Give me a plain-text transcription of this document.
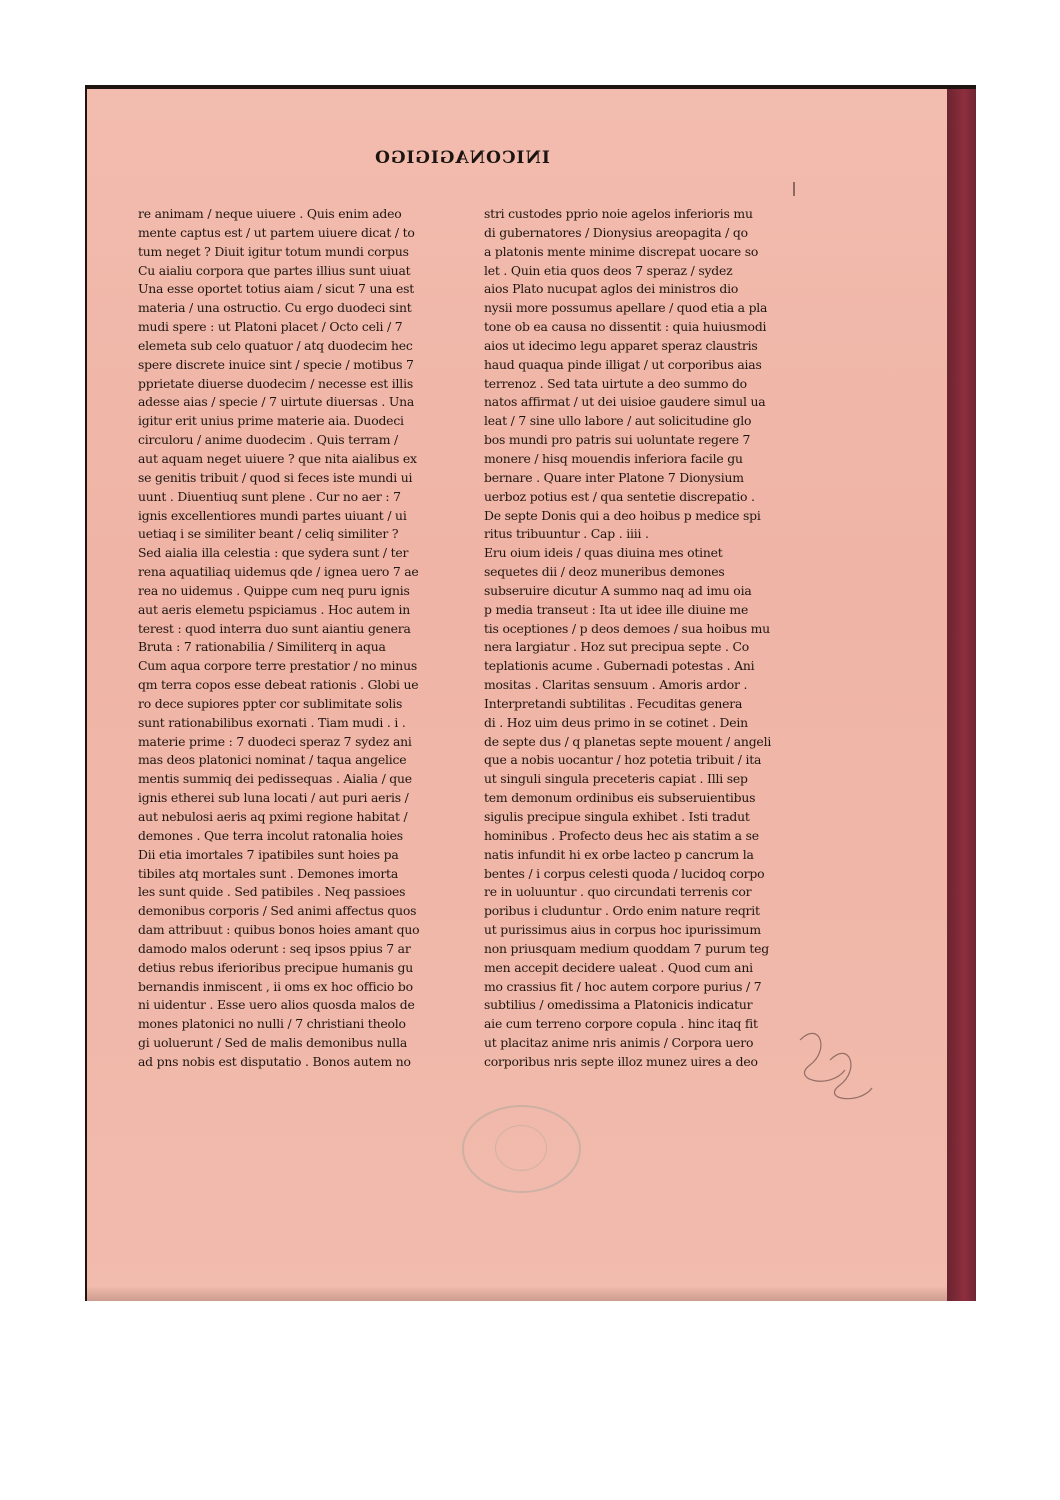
INICONAGIGIGO
re animam / neque uiuere . Quis enim adeo
mente captus est / ut partem uiuere dicat / to
tum neget ? Diuit igitur totum mundi corpus
Cu aialiu corpora que partes illius sunt uiuat
Una esse oportet totius aiam / sicut 7 una est
materia / una ostructio. Cu ergo duodeci sint
mudi spere : ut Platoni placet / Octo celi / 7
elemeta sub celo quatuor / atq duodecim hec
spere discrete inuice sint / specie / motibus 7
pprietate diuerse duodecim / necesse est illis
adesse aias / specie / 7 uirtute diuersas . Una
igitur erit unius prime materie aia. Duodeci
circuloru / anime duodecim . Quis terram /
aut aquam neget uiuere ? que nita aialibus ex
se genitis tribuit / quod si feces iste mundi ui
uunt . Diuentiuq sunt plene . Cur no aer : 7
ignis excellentiores mundi partes uiuant / ui
uetiaq i se similiter beant / celiq similiter ?
Sed aialia illa celestia : que sydera sunt / ter
rena aquatiliaq uidemus qde / ignea uero 7 ae
rea no uidemus . Quippe cum neq puru ignis
aut aeris elemetu pspiciamus . Hoc autem in
terest : quod interra duo sunt aiantiu genera
Bruta : 7 rationabilia / Similiterq in aqua
Cum aqua corpore terre prestatior / no minus
qm terra copos esse debeat rationis . Globi ue
ro dece supiores ppter cor sublimitate solis
sunt rationabilibus exornati . Tiam mudi . i .
materie prime : 7 duodeci speraz 7 sydez ani
mas deos platonici nominat / taqua angelice
mentis summiq dei pedissequas . Aialia / que
ignis etherei sub luna locati / aut puri aeris /
aut nebulosi aeris aq pximi regione habitat /
demones . Que terra incolut ratonalia hoies
Dii etia imortales 7 ipatibiles sunt hoies pa
tibiles atq mortales sunt . Demones imorta
les sunt quide . Sed patibiles . Neq passioes
demonibus corporis / Sed animi affectus quos
dam attribuut : quibus bonos hoies amant quo
damodo malos oderunt : seq ipsos ppius 7 ar
detius rebus iferioribus precipue humanis gu
bernandis inmiscent , ii oms ex hoc officio bo
ni uidentur . Esse uero alios quosda malos de
mones platonici no nulli / 7 christiani theolo
gi uoluerunt / Sed de malis demonibus nulla
ad pns nobis est disputatio . Bonos autem no
stri custodes pprio noie agelos inferioris mu
di gubernatores / Dionysius areopagita / qo
a platonis mente minime discrepat uocare so
let . Quin etia quos deos 7 speraz / sydez
aios Plato nucupat aglos dei ministros dio
nysii more possumus apellare / quod etia a pla
tone ob ea causa no dissentit : quia huiusmodi
aios ut idecimo legu apparet speraz claustris
haud quaqua pinde illigat / ut corporibus aias
terrenoz . Sed tata uirtute a deo summo do
natos affirmat / ut dei uisioe gaudere simul ua
leat / 7 sine ullo labore / aut solicitudine glo
bos mundi pro patris sui uoluntate regere 7
monere / hisq mouendis inferiora facile gu
bernare . Quare inter Platone 7 Dionysium
uerboz potius est / qua sentetie discrepatio .
De septe Donis qui a deo hoibus p medice spi
ritus tribuuntur . Cap . iiii .
Eru oium ideis / quas diuina mes otinet
sequetes dii / deoz muneribus demones
subseruire dicutur A summo naq ad imu oia
p media transeut : Ita ut idee ille diuine me
tis oceptiones / p deos demoes / sua hoibus mu
nera largiatur . Hoz sut precipua septe . Co
teplationis acume . Gubernadi potestas . Ani
mositas . Claritas sensuum . Amoris ardor .
Interpretandi subtilitas . Fecuditas genera
di . Hoz uim deus primo in se cotinet . Dein
de septe dus / q planetas septe mouent / angeli
que a nobis uocantur / hoz potetia tribuit / ita
ut singuli singula preceteris capiat . Illi sep
tem demonum ordinibus eis subseruientibus
sigulis precipue singula exhibet . Isti tradut
hominibus . Profecto deus hec ais statim a se
natis infundit hi ex orbe lacteo p cancrum la
bentes / i corpus celesti quoda / lucidoq corpo
re in uoluuntur . quo circundati terrenis cor
poribus i cluduntur . Ordo enim nature reqrit
ut purissimus aius in corpus hoc ipurissimum
non priusquam medium quoddam 7 purum teg
men accepit decidere ualeat . Quod cum ani
mo crassius fit / hoc autem corpore purius / 7
subtilius / omedissima a Platonicis indicatur
aie cum terreno corpore copula . hinc itaq fit
ut placitaz anime nris animis / Corpora uero
corporibus nris septe illoz munez uires a deo
